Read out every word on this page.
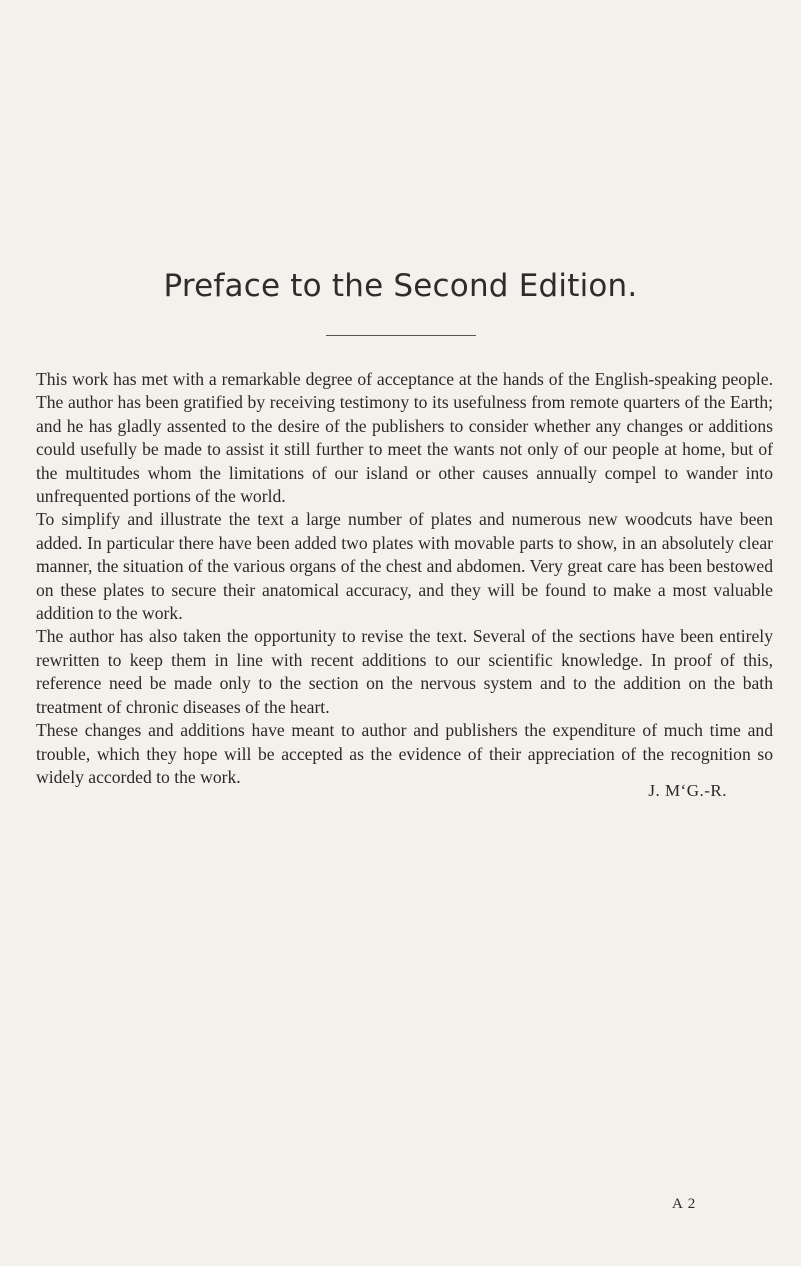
Preface to the Second Edition.

This work has met with a remarkable degree of acceptance at the hands of the English-speaking people. The author has been gratified by receiving testimony to its usefulness from remote quarters of the Earth; and he has gladly assented to the desire of the publishers to consider whether any changes or additions could usefully be made to assist it still further to meet the wants not only of our people at home, but of the multitudes whom the limitations of our island or other causes annually compel to wander into unfrequented portions of the world.

To simplify and illustrate the text a large number of plates and numerous new woodcuts have been added. In particular there have been added two plates with movable parts to show, in an absolutely clear manner, the situation of the various organs of the chest and abdomen. Very great care has been bestowed on these plates to secure their anatomical accuracy, and they will be found to make a most valuable addition to the work.

The author has also taken the opportunity to revise the text. Several of the sections have been entirely rewritten to keep them in line with recent additions to our scientific knowledge. In proof of this, reference need be made only to the section on the nervous system and to the addition on the bath treatment of chronic diseases of the heart.

These changes and additions have meant to author and publishers the expenditure of much time and trouble, which they hope will be accepted as the evidence of their appreciation of the recognition so widely accorded to the work.

J. M‘G.-R.
A 2
